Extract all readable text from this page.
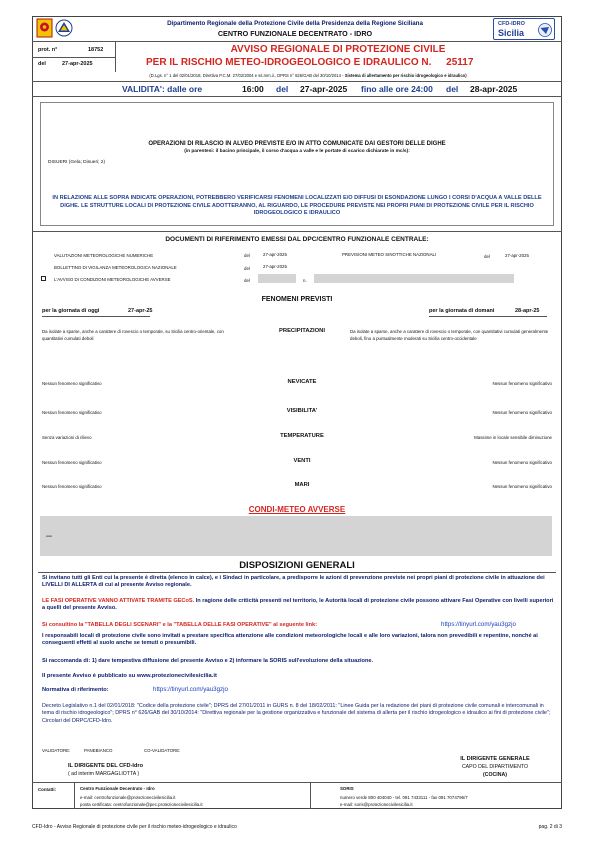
Dipartimento Regionale della Protezione Civile della Presidenza della Regione Siciliana
CENTRO FUNZIONALE DECENTRATO - IDRO
CFD-IDRO
Sicilia
prot. n°	18752
del	27-apr-2025
AVVISO REGIONALE DI PROTEZIONE CIVILE
PER IL RISCHIO METEO-IDROGEOLOGICO E IDRAULICO N. 25117
(D.Lgs. n° 1 del 02/01/2018, Direttiva P.C.M. 27/02/2004 e ss.mm.ii., DPRS n° 626/GAB del 30/10/2014 - Sistema di allertamento per rischio idrogeologico e idraulico)
VALIDITA': dalle ore	16:00 del 27-apr-2025 fino alle ore 24:00 del 28-apr-2025
OPERAZIONI DI RILASCIO IN ALVEO PREVISTE E/O IN ATTO COMUNICATE DAI GESTORI DELLE DIGHE
(in parentesi: il bacino principale, il corso d'acqua a valle e le portate di scarico dichiarate in mc/s):
DISUERI (Gela; Disueri; 2)
IN RELAZIONE ALLE SOPRA INDICATE OPERAZIONI, POTREBBERO VERIFICARSI FENOMENI LOCALIZZATI E/O DIFFUSI DI ESONDAZIONE LUNGO I CORSI D'ACQUA A VALLE DELLE DIGHE. LE STRUTTURE LOCALI DI PROTEZIONE CIVILE ADOTTERANNO, AL RIGUARDO, LE PROCEDURE PREVISTE NEI PROPRI PIANI DI PROTEZIONE CIVILE PER IL RISCHIO IDROGEOLOGICO E IDRAULICO
DOCUMENTI DI RIFERIMENTO EMESSI DAL DPC/CENTRO FUNZIONALE CENTRALE:
VALUTAZIONI METEOROLOGICHE NUMERICHE	del	27-apr-2025
BOLLETTINO DI VIGILANZA METEOROLOGICA NAZIONALE	del	27-apr-2025
L'AVVISO DI CONDIZIONI METEOROLOGICHE AVVERSE	del	n.
PREVISIONI METEO SINOTTICHE NAZIONALI	del	27-apr-2025
FENOMENI PREVISTI
per la giornata di oggi	27-apr-25	per la giornata di domani	28-apr-25
Da isolate a sparse, anche a carattere di rovescio o temporale, su Sicilia centro-orientale, con quantitativi cumulati deboli
PRECIPITAZIONI	Da isolate a sparse, anche a carattere di rovescio o temporale, con quantitativi cumulati generalmente deboli, fino a puntualmente moderati su Sicilia centro-occidentale
Nessun fenomeno significativo	NEVICATE	Nessun fenomeno significativo
Nessun fenomeno significativo	VISIBILITA'	Nessun fenomeno significativo
Senza variazioni di rilievo	TEMPERATURE	Massime in locale sensibile diminuzione
Nessun fenomeno significativo	VENTI	Nessun fenomeno significativo
Nessun fenomeno significativo	MARI	Nessun fenomeno significativo
CONDI-METEO AVVERSE
---
DISPOSIZIONI GENERALI
Si invitano tutti gli Enti cui la presente è diretta (elenco in calce), e i Sindaci in particolare, a predisporre le azioni di prevenzione previste nei propri piani di protezione civile in attuazione dei LIVELLI DI ALLERTA di cui al presente Avviso regionale.
LE FASI OPERATIVE VANNO ATTIVATE TRAMITE GECoS. In ragione delle criticità presenti nel territorio, le Autorità locali di protezione civile possono attivare Fasi Operative con livelli superiori a quelli del presente Avviso.
Si consultino la "TABELLA DEGLI SCENARI" e la "TABELLA DELLE FASI OPERATIVE" al seguente link:	https://tinyurl.com/yau3gzjo
I responsabili locali di protezione civile sono invitati a prestare specifica attenzione alle condizioni meteorologiche locali e alle loro variazioni, talora non prevedibili e repentine, nonché ai conseguenti effetti al suolo anche se temuti o presumibili.
Si raccomanda di: 1) dare tempestiva diffusione del presente Avviso e 2) informare la SORIS sull'evoluzione della situazione.
Il presente Avviso è pubblicato su www.protezionecivilesicilia.it
Normativa di riferimento:	https://tinyurl.com/yau3gzjo
Decreto Legislativo n.1 del 02/01/2018: "Codice della protezione civile"; DPRS del 27/01/2011 in GURS n. 8 del 18/02/2011: "Linee Guida per la redazione dei piani di protezione civile comunali e intercomunali in tema di rischio idrogeologico"; DPRS n° 626/GAB del 30/10/2014: "Direttiva regionale per la gestione organizzativa e funzionale del sistema di allerta per il rischio idrogeologico e idraulico ai fini di protezione civile"; Circolari del DRPC/CFD-Idro.
VALIDATORE:	PANEBIANCO	CO-VALIDATORE:
IL DIRIGENTE DEL CFD-Idro
( ad interim MARGAGLIOTTA )
IL DIRIGENTE GENERALE
CAPO DEL DIPARTIMENTO
(COCINA)
Contatti:	Centro Funzionale Decentrato - Idro
e-mail: centrofunzionale@protezionecivilesicilia.it
posta certificata: centrofunzionale@pec.protezionecivilesicilia.it
SORIS
numero verde 800 404040 - tel. 091 7433111 - fax 091 7074796/7
e-mail: soris@protezionecivilesicilia.it
CFD-Idro - Avviso Regionale di protezione civile per il rischio meteo-idrogeologico e idraulico	pag. 2 di 3
